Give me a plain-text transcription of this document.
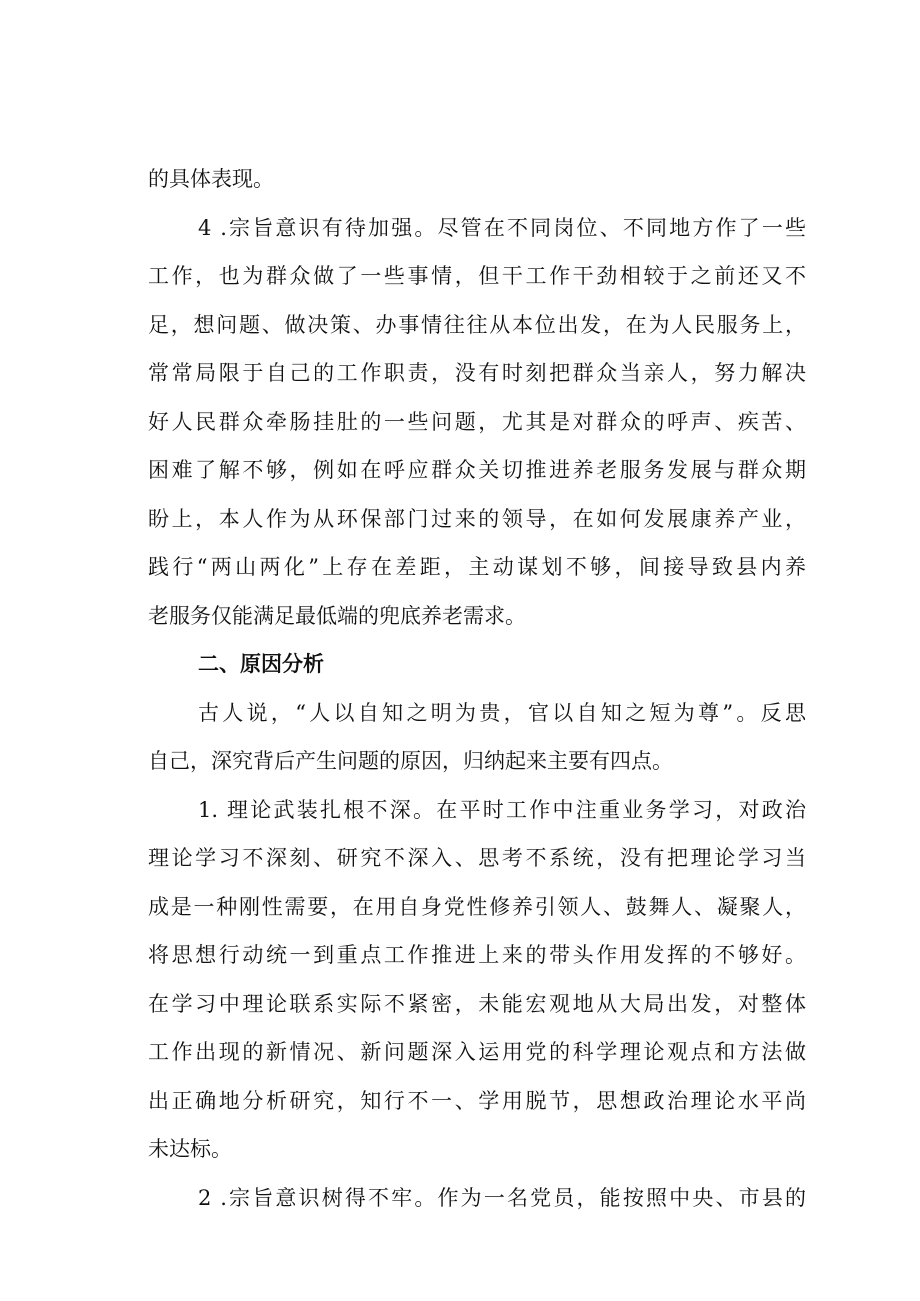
的具体表现。
4 .宗旨意识有待加强。尽管在不同岗位、不同地方作了一些
工作，也为群众做了一些事情，但干工作干劲相较于之前还又不
足，想问题、做决策、办事情往往从本位出发，在为人民服务上，
常常局限于自己的工作职责，没有时刻把群众当亲人，努力解决
好人民群众牵肠挂肚的一些问题，尤其是对群众的呼声、疾苦、
困难了解不够，例如在呼应群众关切推进养老服务发展与群众期
盼上，本人作为从环保部门过来的领导，在如何发展康养产业，
践行“两山两化”上存在差距，主动谋划不够，间接导致县内养
老服务仅能满足最低端的兜底养老需求。
二、原因分析
古人说，“人以自知之明为贵，官以自知之短为尊”。反思
自己，深究背后产生问题的原因，归纳起来主要有四点。
1. 理论武装扎根不深。在平时工作中注重业务学习，对政治
理论学习不深刻、研究不深入、思考不系统，没有把理论学习当
成是一种刚性需要，在用自身党性修养引领人、鼓舞人、凝聚人，
将思想行动统一到重点工作推进上来的带头作用发挥的不够好。
在学习中理论联系实际不紧密，未能宏观地从大局出发，对整体
工作出现的新情况、新问题深入运用党的科学理论观点和方法做
出正确地分析研究，知行不一、学用脱节，思想政治理论水平尚
未达标。
2 .宗旨意识树得不牢。作为一名党员，能按照中央、市县的
